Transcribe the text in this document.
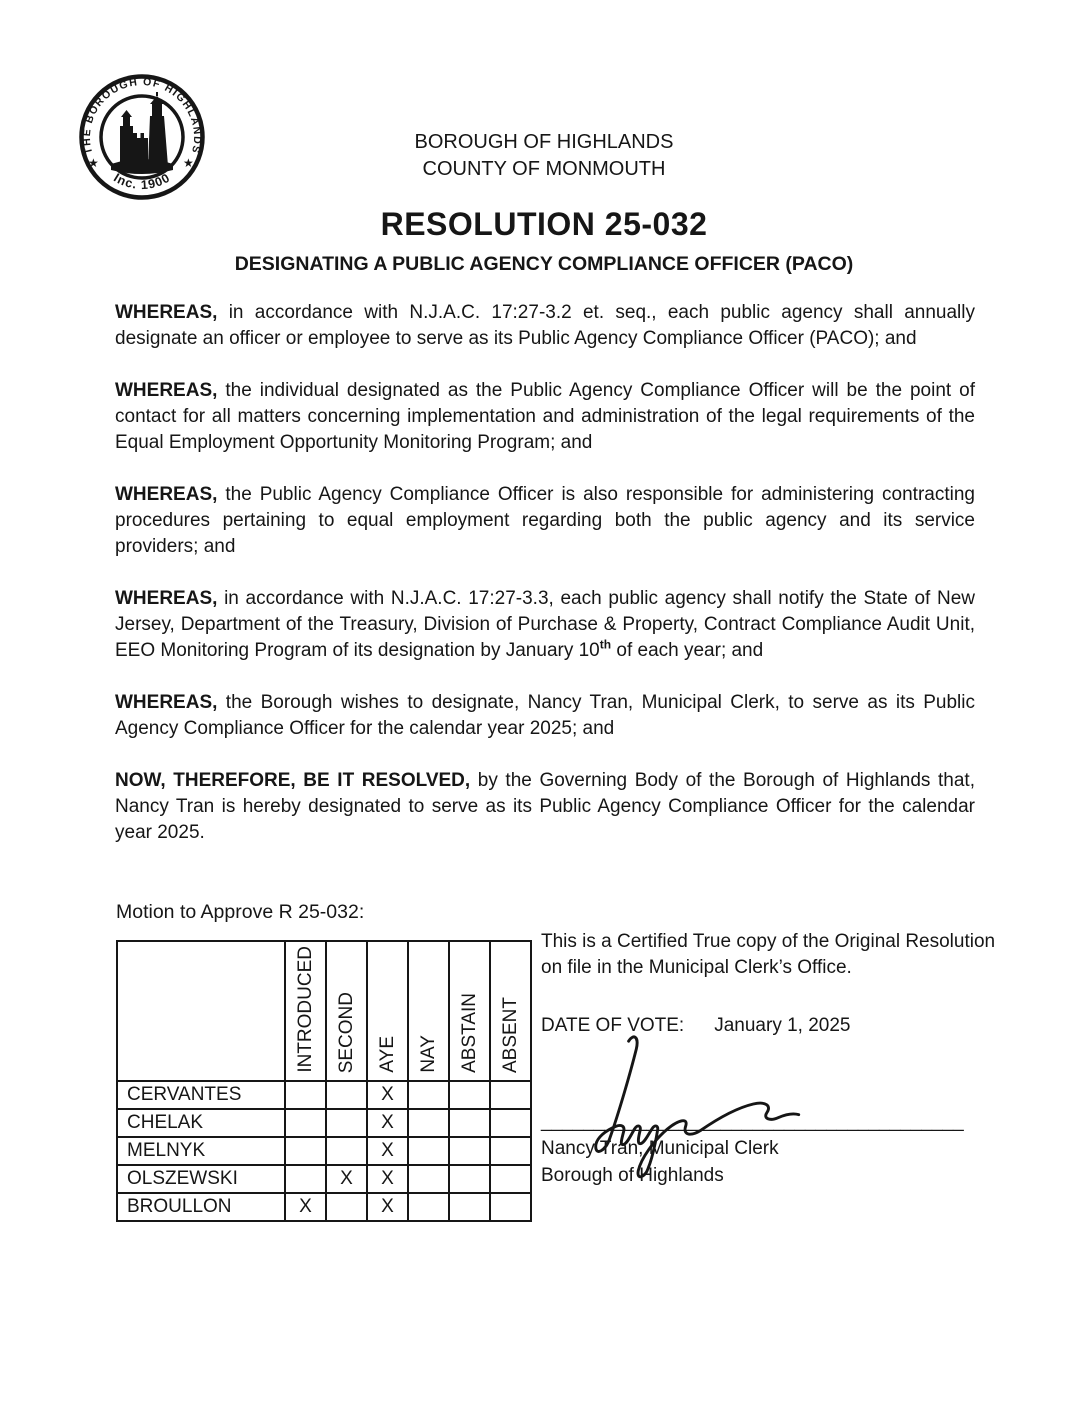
THE BOROUGH OF HIGHLANDS
Inc. 1900
★	★
BOROUGH OF HIGHLANDS
COUNTY OF MONMOUTH
RESOLUTION 25-032
DESIGNATING A PUBLIC AGENCY COMPLIANCE OFFICER (PACO)

WHEREAS, in accordance with N.J.A.C. 17:27-3.2 et. seq., each public agency shall annually designate an officer or employee to serve as its Public Agency Compliance Officer (PACO); and

WHEREAS, the individual designated as the Public Agency Compliance Officer will be the point of contact for all matters concerning implementation and administration of the legal requirements of the Equal Employment Opportunity Monitoring Program; and

WHEREAS, the Public Agency Compliance Officer is also responsible for administering contracting procedures pertaining to equal employment regarding both the public agency and its service providers; and

WHEREAS, in accordance with N.J.A.C. 17:27-3.3, each public agency shall notify the State of New Jersey, Department of the Treasury, Division of Purchase & Property, Contract Compliance Audit Unit, EEO Monitoring Program of its designation by January 10th of each year; and

WHEREAS, the Borough wishes to designate, Nancy Tran, Municipal Clerk, to serve as its Public Agency Compliance Officer for the calendar year 2025; and

NOW, THEREFORE, BE IT RESOLVED, by the Governing Body of the Borough of Highlands that, Nancy Tran is hereby designated to serve as its Public Agency Compliance Officer for the calendar year 2025.

Motion to Approve R 25-032:

	INTRODUCED	SECOND	AYE	NAY	ABSTAIN	ABSENT

CERVANTES			X			
CHELAK			X			
MELNYK			X			
OLSZEWSKI		X	X			
BROULLON	X		X			

This is a Certified True copy of the Original Resolution on file in the Municipal Clerk’s Office.

DATE OF VOTE: January 1, 2025

________________________________________
Nancy Tran, Municipal Clerk
Borough of Highlands
